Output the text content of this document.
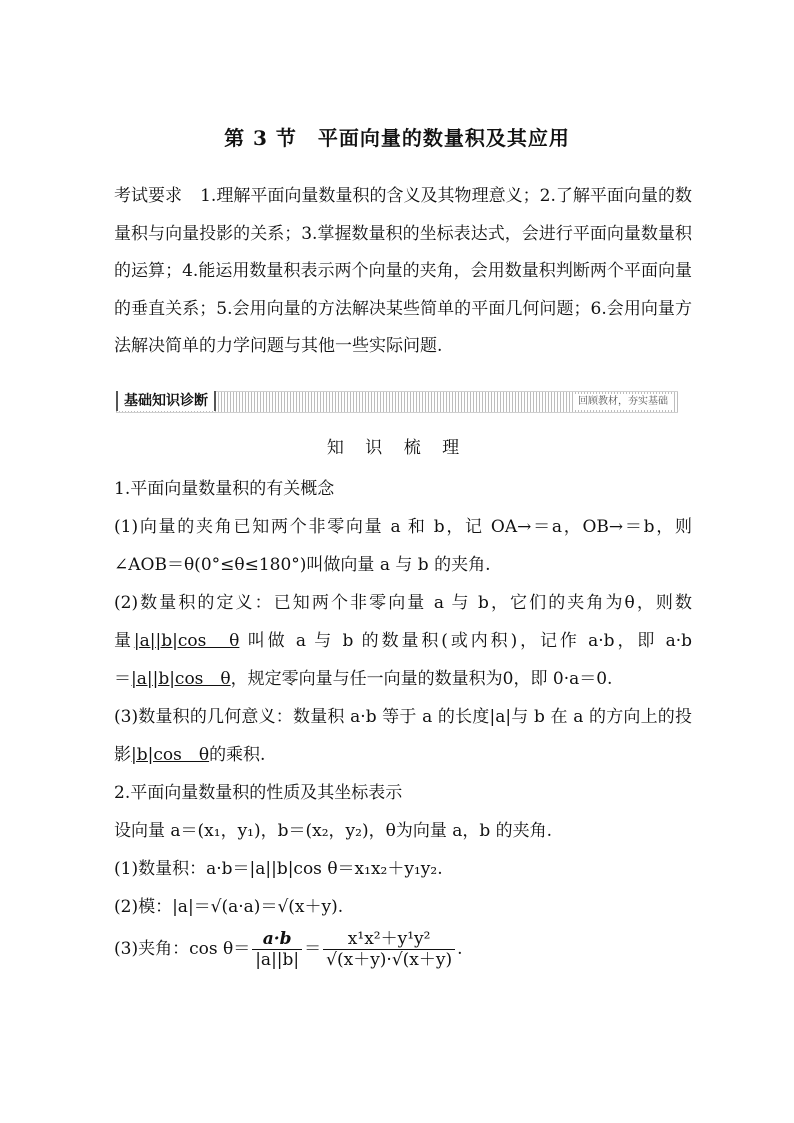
第 3 节　平面向量的数量积及其应用
考试要求 1.理解平面向量数量积的含义及其物理意义；2.了解平面向量的数量积与向量投影的关系；3.掌握数量积的坐标表达式，会进行平面向量数量积的运算；4.能运用数量积表示两个向量的夹角，会用数量积判断两个平面向量的垂直关系；5.会用向量的方法解决某些简单的平面几何问题；6.会用向量方法解决简单的力学问题与其他一些实际问题.
基础知识诊断	回顾教材，夯实基础
知 识 梳 理

1.平面向量数量积的有关概念

(1)向量的夹角已知两个非零向量 a 和 b，记 OA→＝a，OB→＝b，则∠AOB＝θ(0°≤θ≤180°)叫做向量 a 与 b 的夹角.

(2)数量积的定义：已知两个非零向量 a 与 b，它们的夹角为θ，则数量|a||b|cos　θ 叫做 a 与 b 的数量积(或内积)，记作 a·b，即 a·b＝|a||b|cos　θ，规定零向量与任一向量的数量积为0，即 0·a＝0.

(3)数量积的几何意义：数量积 a·b 等于 a 的长度|a|与 b 在 a 的方向上的投影|b|cos　θ的乘积.

2.平面向量数量积的性质及其坐标表示

设向量 a＝(x₁，y₁)，b＝(x₂，y₂)，θ为向量 a，b 的夹角.

(1)数量积：a·b＝|a||b|cos θ＝x₁x₂＋y₁y₂.

(2)模：|a|＝√(a·a)＝√(x＋y).

(3)夹角：$\cos \theta= \frac{a\cdot b}{|a||b|} = \frac{\text{x¹x²＋y¹y²}}{√(x+y)\cdot√(x+y)}$ .
